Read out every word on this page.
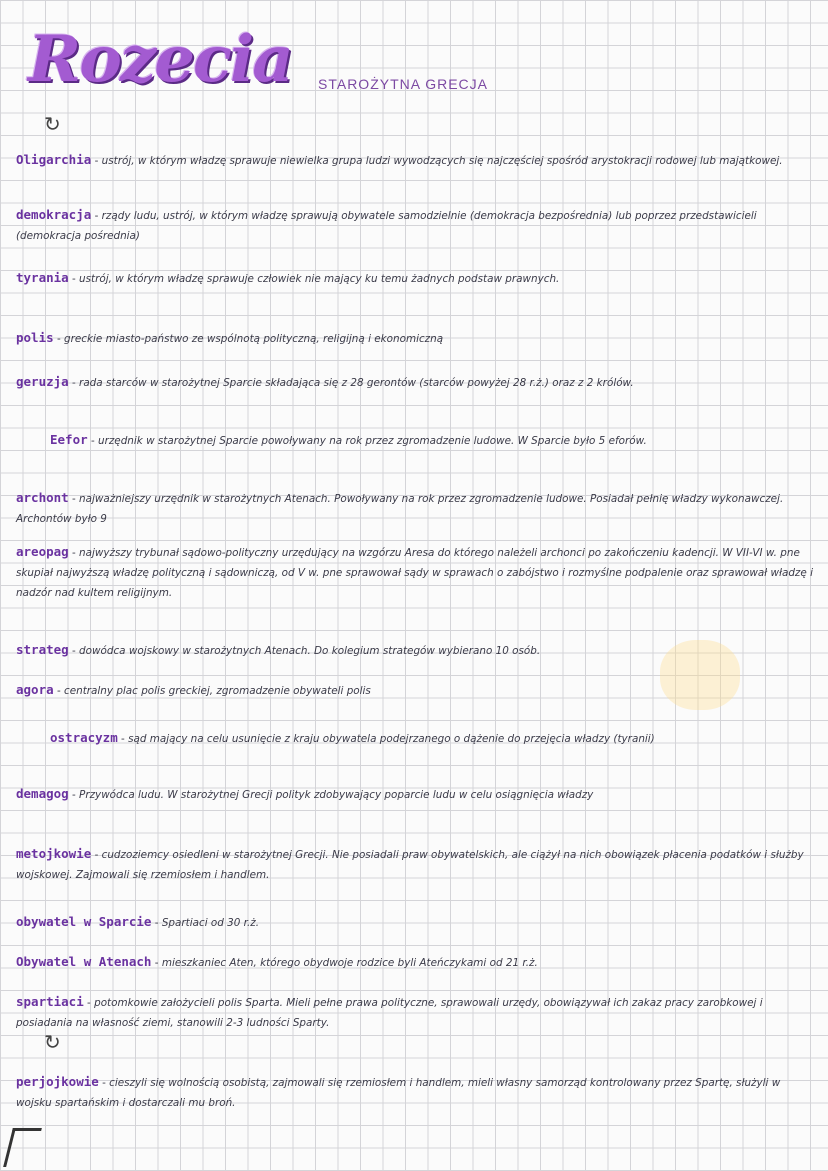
Rozecia STAROŻYTNA GRECJA
↻
Oligarchia - ustrój, w którym władzę sprawuje niewielka grupa ludzi wywodzących się najczęściej spośród arystokracji rodowej lub majątkowej.
demokracja - rządy ludu, ustrój, w którym władzę sprawują obywatele samodzielnie (demokracja bezpośrednia) lub poprzez przedstawicieli (demokracja pośrednia)
tyrania - ustrój, w którym władzę sprawuje człowiek nie mający ku temu żadnych podstaw prawnych.
polis - greckie miasto-państwo ze wspólnotą polityczną, religijną i ekonomiczną
geruzja - rada starców w starożytnej Sparcie składająca się z 28 gerontów (starców powyżej 28 r.ż.) oraz z 2 królów.
Eefor - urzędnik w starożytnej Sparcie powoływany na rok przez zgromadzenie ludowe. W Sparcie było 5 eforów.
archont - najważniejszy urzędnik w starożytnych Atenach. Powoływany na rok przez zgromadzenie ludowe. Posiadał pełnię władzy wykonawczej. Archontów było 9
areopag - najwyższy trybunał sądowo-polityczny urzędujący na wzgórzu Aresa do którego należeli archonci po zakończeniu kadencji. W VII-VI w. pne skupiał najwyższą władzę polityczną i sądowniczą, od V w. pne sprawował sądy w sprawach o zabójstwo i rozmyślne podpalenie oraz sprawował władzę i nadzór nad kultem religijnym.
strateg - dowódca wojskowy w starożytnych Atenach. Do kolegium strategów wybierano 10 osób.
agora - centralny plac polis greckiej, zgromadzenie obywateli polis
ostracyzm - sąd mający na celu usunięcie z kraju obywatela podejrzanego o dążenie do przejęcia władzy (tyranii)
demagog - Przywódca ludu. W starożytnej Grecji polityk zdobywający poparcie ludu w celu osiągnięcia władzy
metojkowie - cudzoziemcy osiedleni w starożytnej Grecji. Nie posiadali praw obywatelskich, ale ciążył na nich obowiązek płacenia podatków i służby wojskowej. Zajmowali się rzemiosłem i handlem.
obywatel w Sparcie - Spartiaci od 30 r.ż.
Obywatel w Atenach - mieszkaniec Aten, którego obydwoje rodzice byli Ateńczykami od 21 r.ż.
spartiaci - potomkowie założycieli polis Sparta. Mieli pełne prawa polityczne, sprawowali urzędy, obowiązywał ich zakaz pracy zarobkowej i posiadania na własność ziemi, stanowili 2-3 ludności Sparty.
↻
perjojkowie - cieszyli się wolnością osobistą, zajmowali się rzemiosłem i handlem, mieli własny samorząd kontrolowany przez Spartę, służyli w wojsku spartańskim i dostarczali mu broń.
